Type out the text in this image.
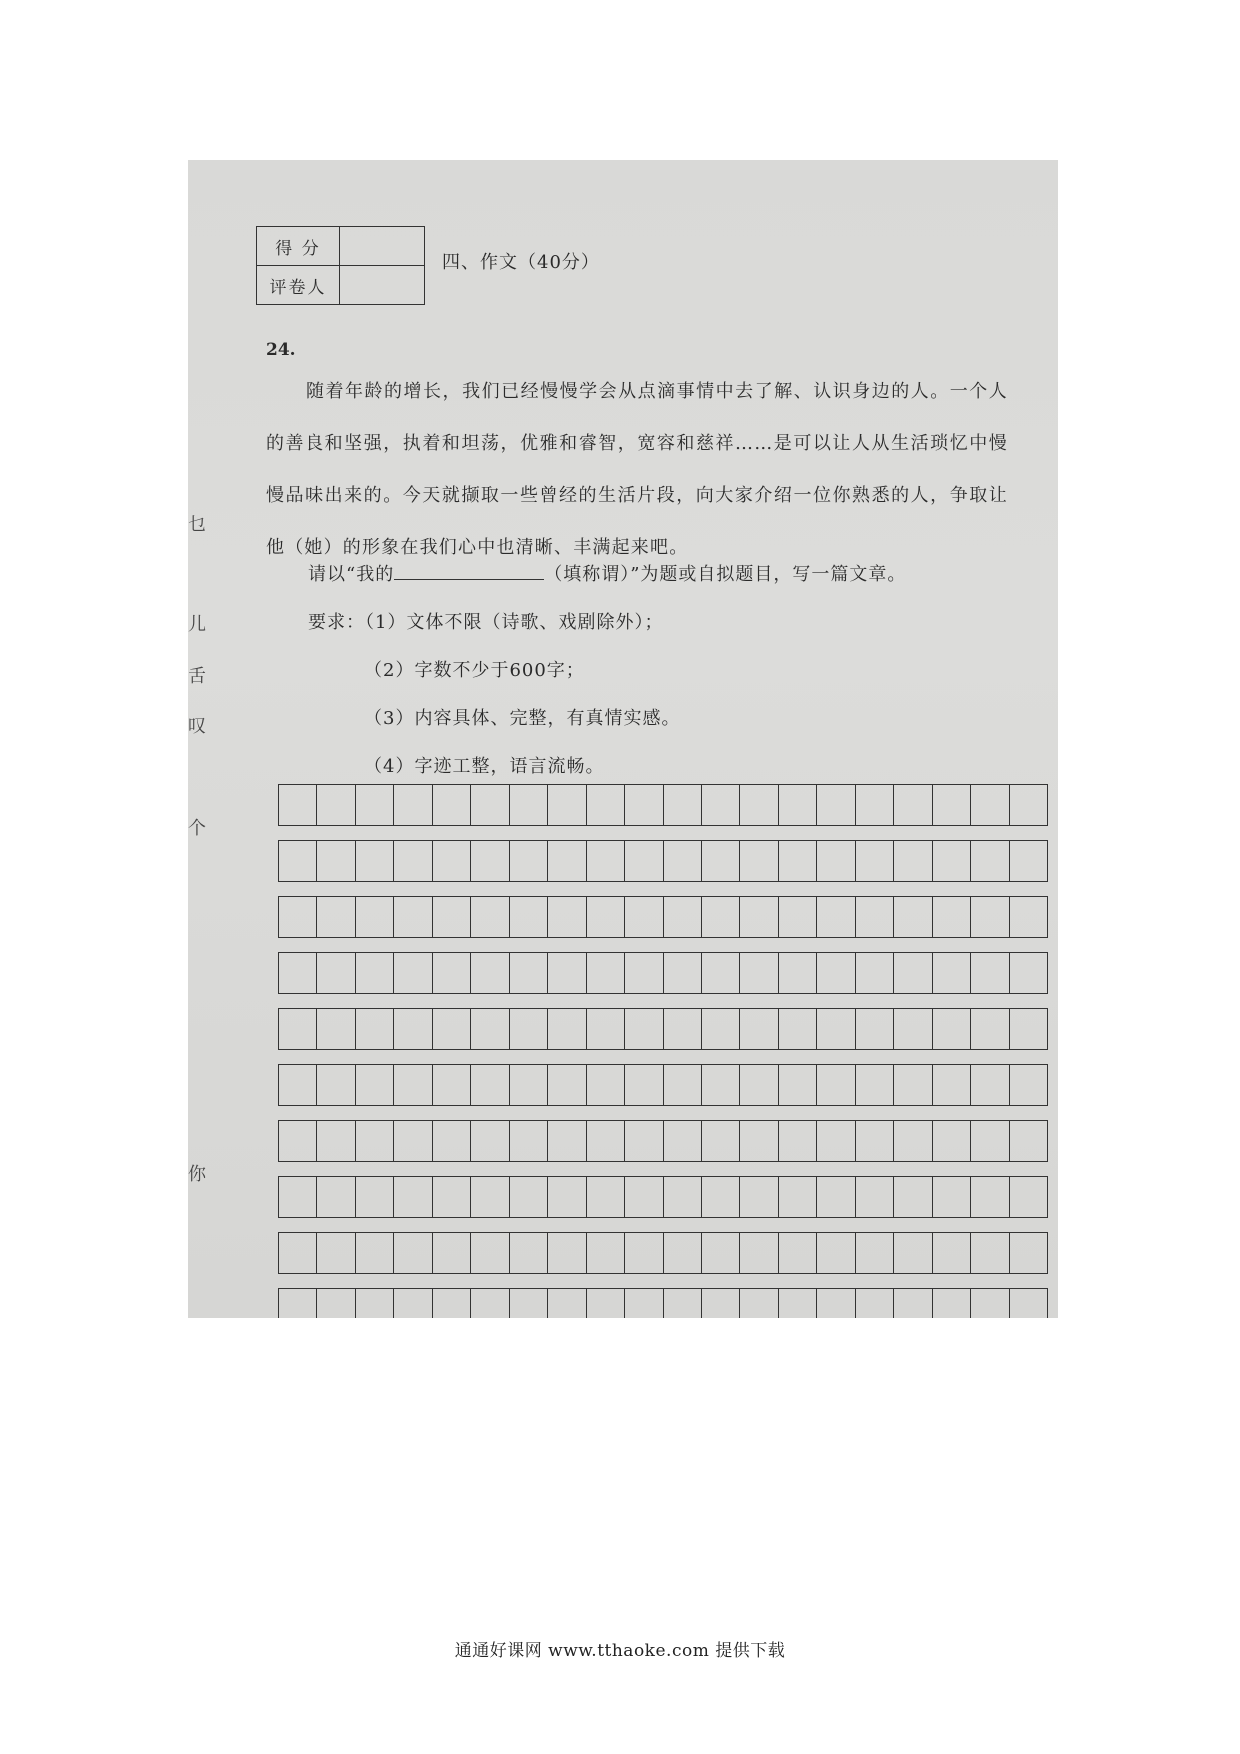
乜
儿
舌
叹
个
你
得 分	
评卷人	
四、作文（40分）
24.
随着年龄的增长，我们已经慢慢学会从点滴事情中去了解、认识身边的人。一个人的善良和坚强，执着和坦荡，优雅和睿智，宽容和慈祥……是可以让人从生活琐忆中慢慢品味出来的。今天就撷取一些曾经的生活片段，向大家介绍一位你熟悉的人，争取让他（她）的形象在我们心中也清晰、丰满起来吧。
请以“我的	（填称谓）”为题或自拟题目，写一篇文章。
要求：（1）文体不限（诗歌、戏剧除外）；
（2）字数不少于600字；
（3）内容具体、完整，有真情实感。
（4）字迹工整，语言流畅。
通通好课网 www.tthaoke.com 提供下载
